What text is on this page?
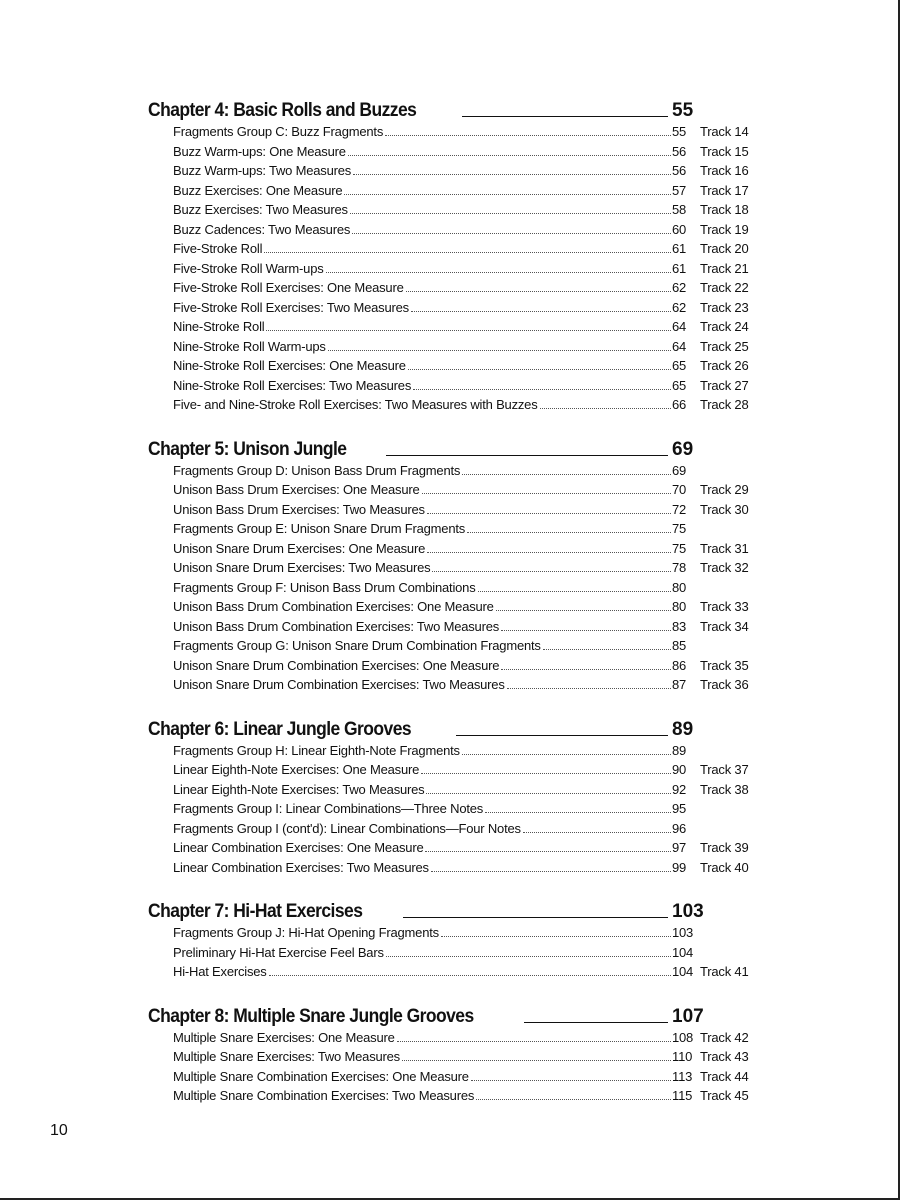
Chapter 4: Basic Rolls and Buzzes	55
Fragments Group C: Buzz Fragments	55	Track 14
Buzz Warm-ups: One Measure	56	Track 15
Buzz Warm-ups: Two Measures	56	Track 16
Buzz Exercises: One Measure	57	Track 17
Buzz Exercises: Two Measures	58	Track 18
Buzz Cadences: Two Measures	60	Track 19
Five-Stroke Roll	61	Track 20
Five-Stroke Roll Warm-ups	61	Track 21
Five-Stroke Roll Exercises: One Measure	62	Track 22
Five-Stroke Roll Exercises: Two Measures	62	Track 23
Nine-Stroke Roll	64	Track 24
Nine-Stroke Roll Warm-ups	64	Track 25
Nine-Stroke Roll Exercises: One Measure	65	Track 26
Nine-Stroke Roll Exercises: Two Measures	65	Track 27
Five- and Nine-Stroke Roll Exercises: Two Measures with Buzzes	66	Track 28
Chapter 5: Unison Jungle	69
Fragments Group D: Unison Bass Drum Fragments	69
Unison Bass Drum Exercises: One Measure	70	Track 29
Unison Bass Drum Exercises: Two Measures	72	Track 30
Fragments Group E: Unison Snare Drum Fragments	75
Unison Snare Drum Exercises: One Measure	75	Track 31
Unison Snare Drum Exercises: Two Measures	78	Track 32
Fragments Group F: Unison Bass Drum Combinations	80
Unison Bass Drum Combination Exercises: One Measure	80	Track 33
Unison Bass Drum Combination Exercises: Two Measures	83	Track 34
Fragments Group G: Unison Snare Drum Combination Fragments	85
Unison Snare Drum Combination Exercises: One Measure	86	Track 35
Unison Snare Drum Combination Exercises: Two Measures	87	Track 36
Chapter 6: Linear Jungle Grooves	89
Fragments Group H: Linear Eighth-Note Fragments	89
Linear Eighth-Note Exercises: One Measure	90	Track 37
Linear Eighth-Note Exercises: Two Measures	92	Track 38
Fragments Group I: Linear Combinations—Three Notes	95
Fragments Group I (cont'd): Linear Combinations—Four Notes	96
Linear Combination Exercises: One Measure	97	Track 39
Linear Combination Exercises: Two Measures	99	Track 40
Chapter 7: Hi-Hat Exercises	103
Fragments Group J: Hi-Hat Opening Fragments	103
Preliminary Hi-Hat Exercise Feel Bars	104
Hi-Hat Exercises	104 Track 41
Chapter 8: Multiple Snare Jungle Grooves	107
Multiple Snare Exercises: One Measure	108 Track 42
Multiple Snare Exercises: Two Measures	110 Track 43
Multiple Snare Combination Exercises: One Measure	113 Track 44
Multiple Snare Combination Exercises: Two Measures	115 Track 45
10
